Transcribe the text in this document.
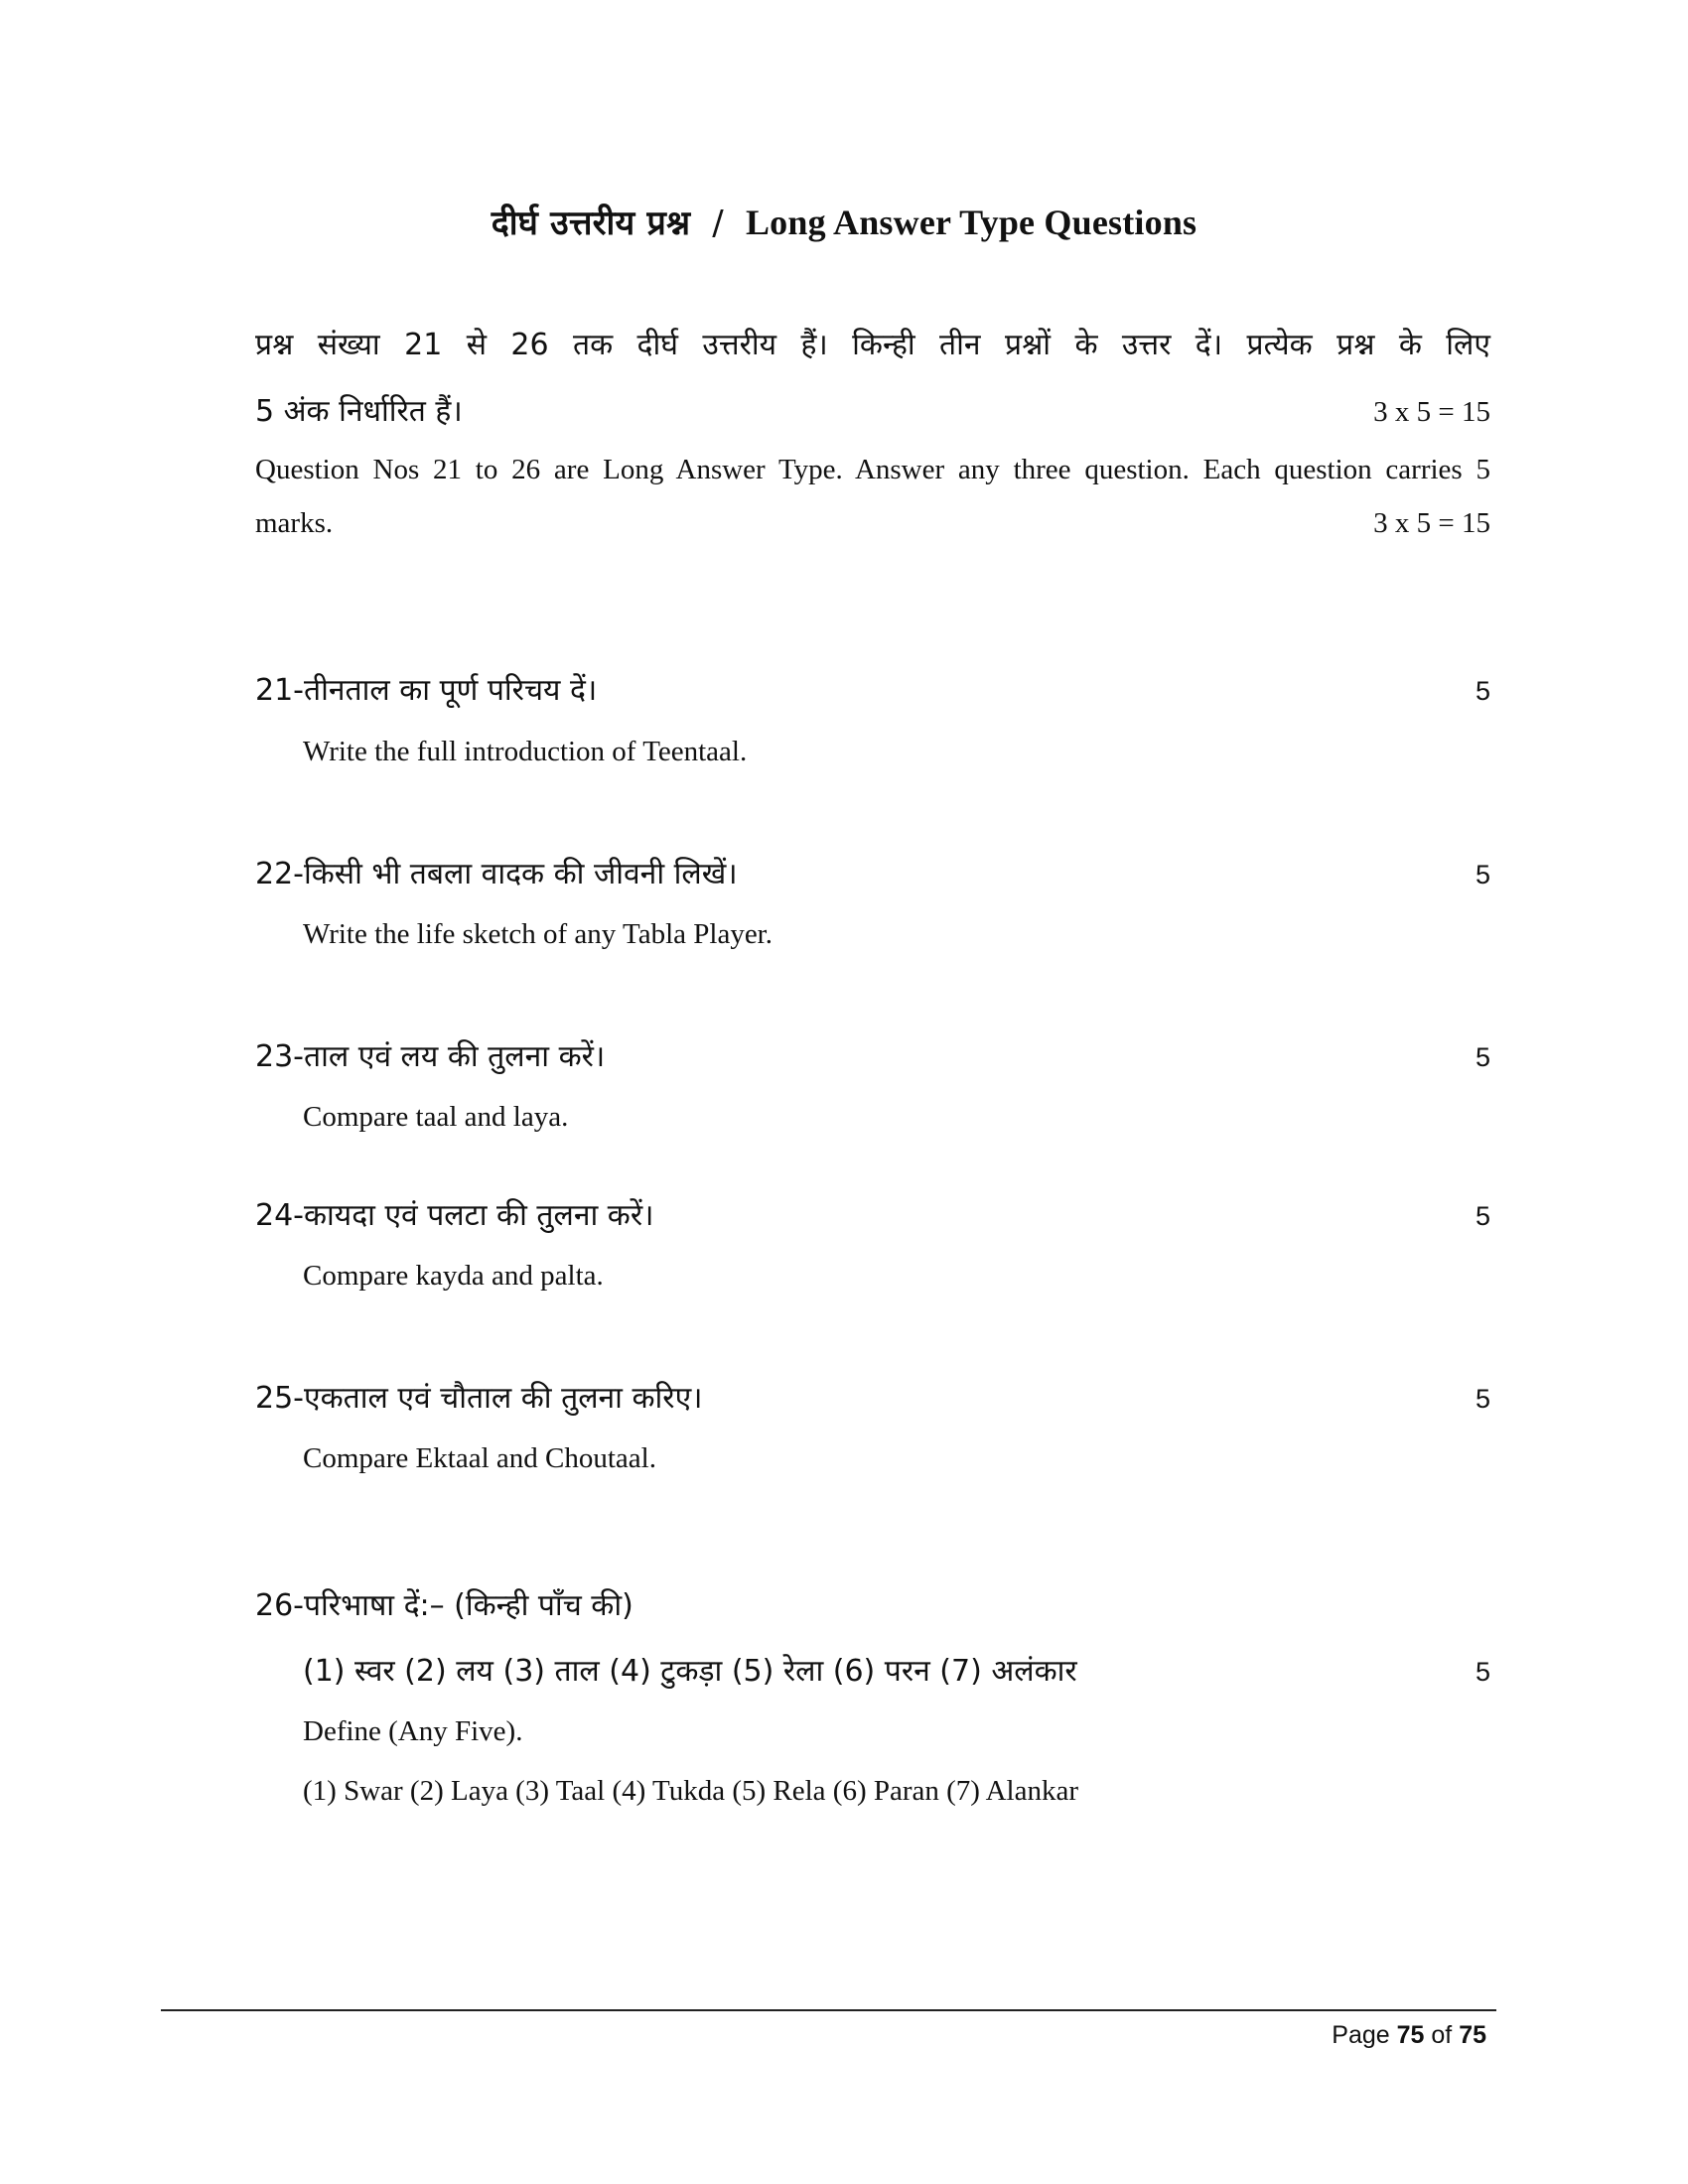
दीर्घ उत्तरीय प्रश्न / Long Answer Type Questions
प्रश्न संख्या 21 से 26 तक दीर्घ उत्तरीय हैं। किन्ही तीन प्रश्नों के उत्तर दें। प्रत्येक प्रश्न के लिए
5 अंक निर्धारित हैं।	3 x 5 = 15
Question Nos 21 to 26 are Long Answer Type. Answer any three question. Each question carries 5
marks.	3 x 5 = 15
21-तीनताल का पूर्ण परिचय दें।	5
Write the full introduction of Teentaal.
22-किसी भी तबला वादक की जीवनी लिखें।	5
Write the life sketch of any Tabla Player.
23-ताल एवं लय की तुलना करें।	5
Compare taal and laya.
24-कायदा एवं पलटा की तुलना करें।	5
Compare kayda and palta.
25-एकताल एवं चौताल की तुलना करिए।	5
Compare Ektaal and Choutaal.
26-परिभाषा दें:– (किन्ही पाँच की)
(1) स्वर (2) लय (3) ताल (4) टुकड़ा (5) रेला (6) परन (7) अलंकार	5
Define (Any Five).
(1) Swar (2) Laya (3) Taal (4) Tukda (5) Rela (6) Paran (7) Alankar
Page 75 of 75
